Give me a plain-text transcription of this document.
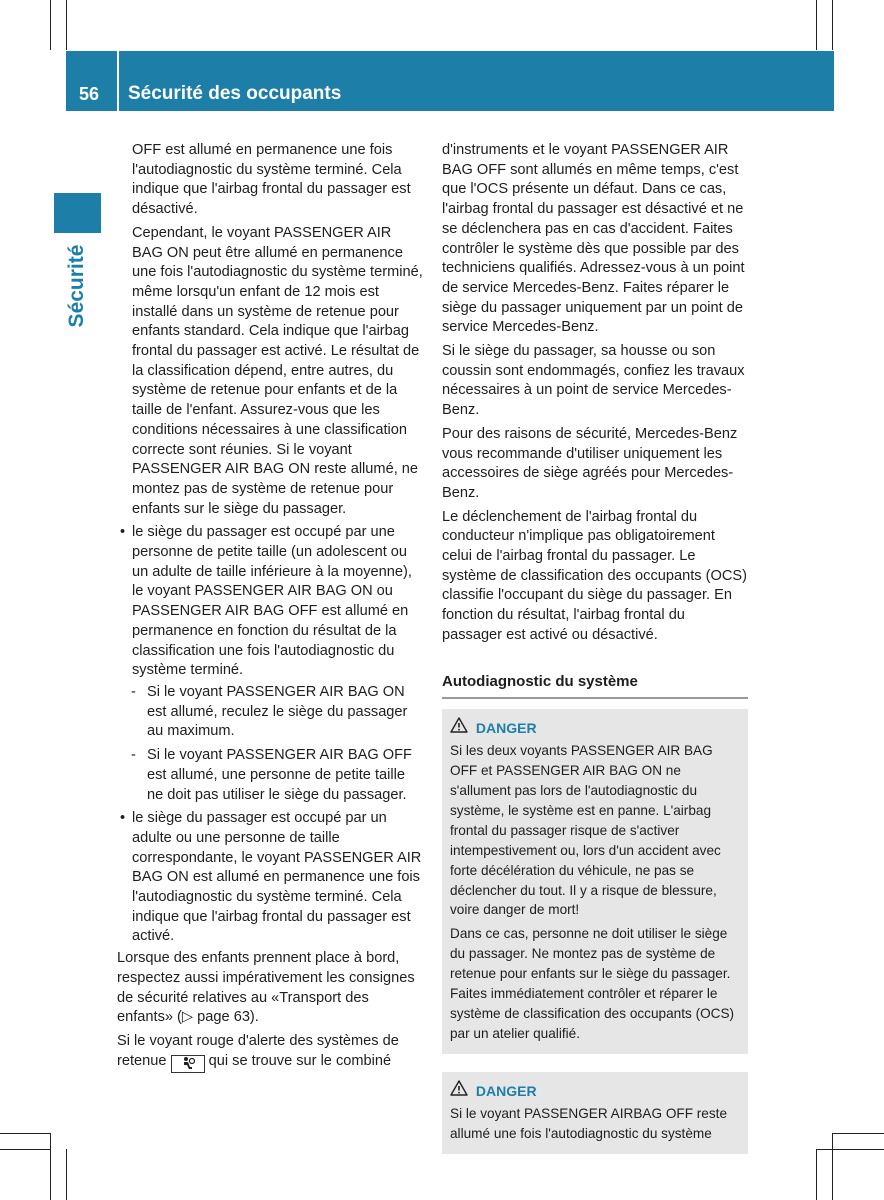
56	Sécurité des occupants
Sécurité

OFF est allumé en permanence une fois l'autodiagnostic du système terminé. Cela indique que l'airbag frontal du passager est désactivé.

Cependant, le voyant PASSENGER AIR BAG ON peut être allumé en permanence une fois l'autodiagnostic du système terminé, même lorsqu'un enfant de 12 mois est installé dans un système de retenue pour enfants standard. Cela indique que l'airbag frontal du passager est activé. Le résultat de la classification dépend, entre autres, du système de retenue pour enfants et de la taille de l'enfant. Assurez-vous que les conditions nécessaires à une classification correcte sont réunies. Si le voyant PASSENGER AIR BAG ON reste allumé, ne montez pas de système de retenue pour enfants sur le siège du passager.

• le siège du passager est occupé par une personne de petite taille (un adolescent ou un adulte de taille inférieure à la moyenne), le voyant PASSENGER AIR BAG ON ou PASSENGER AIR BAG OFF est allumé en permanence en fonction du résultat de la classification une fois l'autodiagnostic du système terminé.
- Si le voyant PASSENGER AIR BAG ON est allumé, reculez le siège du passager au maximum.
- Si le voyant PASSENGER AIR BAG OFF est allumé, une personne de petite taille ne doit pas utiliser le siège du passager.
• le siège du passager est occupé par un adulte ou une personne de taille correspondante, le voyant PASSENGER AIR BAG ON est allumé en permanence une fois l'autodiagnostic du système terminé. Cela indique que l'airbag frontal du passager est activé.

Lorsque des enfants prennent place à bord, respectez aussi impérativement les consignes de sécurité relatives au «Transport des enfants» (▷ page 63).

Si le voyant rouge d'alerte des systèmes de retenue	qui se trouve sur le combiné

d'instruments et le voyant PASSENGER AIR BAG OFF sont allumés en même temps, c'est que l'OCS présente un défaut. Dans ce cas, l'airbag frontal du passager est désactivé et ne se déclenchera pas en cas d'accident. Faites contrôler le système dès que possible par des techniciens qualifiés. Adressez-vous à un point de service Mercedes-Benz. Faites réparer le siège du passager uniquement par un point de service Mercedes-Benz.

Si le siège du passager, sa housse ou son coussin sont endommagés, confiez les travaux nécessaires à un point de service Mercedes-Benz.

Pour des raisons de sécurité, Mercedes-Benz vous recommande d'utiliser uniquement les accessoires de siège agréés pour Mercedes-Benz.

Le déclenchement de l'airbag frontal du conducteur n'implique pas obligatoirement celui de l'airbag frontal du passager. Le système de classification des occupants (OCS) classifie l'occupant du siège du passager. En fonction du résultat, l'airbag frontal du passager est activé ou désactivé.

Autodiagnostic du système
DANGER

Si les deux voyants PASSENGER AIR BAG OFF et PASSENGER AIR BAG ON ne s'allument pas lors de l'autodiagnostic du système, le système est en panne. L'airbag frontal du passager risque de s'activer intempestivement ou, lors d'un accident avec forte décélération du véhicule, ne pas se déclencher du tout. Il y a risque de blessure, voire danger de mort!

Dans ce cas, personne ne doit utiliser le siège du passager. Ne montez pas de système de retenue pour enfants sur le siège du passager. Faites immédiatement contrôler et réparer le système de classification des occupants (OCS) par un atelier qualifié.

DANGER

Si le voyant PASSENGER AIRBAG OFF reste allumé une fois l'autodiagnostic du système
